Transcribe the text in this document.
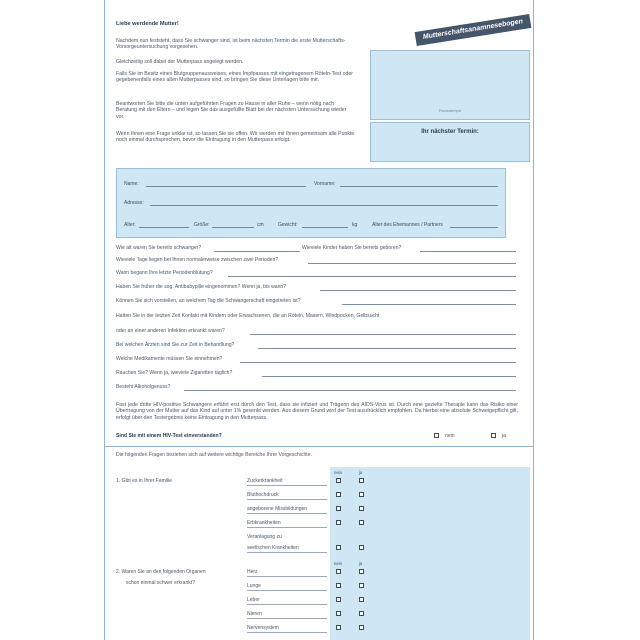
Liebe werdende Mutter!	Mutterschaftsanamnesebogen
Nachdem nun feststeht, dass Sie schwanger sind, ist beim nächsten Termin die erste Mutterschafts-Vorsorgeuntersuchung vorgesehen.
Gleichzeitig soll dabei der Mutterpass angelegt werden.
Falls Sie im Besitz eines Blutgruppenausweises, eines Impfpasses mit eingetragenem Röteln-Test oder gegebenenfalls eines alten Mutterpasses sind, so bringen Sie diese Unterlagen bitte mit.
Beantworten Sie bitte die unten aufgeführten Fragen zu Hause in aller Ruhe – wenn nötig nach Beratung mit den Eltern – und legen Sie das ausgefüllte Blatt bei der nächsten Untersuchung wieder vor.
Wenn Ihnen eine Frage unklar ist, so lassen Sie sie offen. Wir werden mit Ihnen gemeinsam alle Punkte noch einmal durchsprechen, bevor die Eintragung in den Mutterpass erfolgt.
Praxisstempel
Ihr nächster Termin:
Name:	Vorname:
Adresse:
Alter:	Größe:	cm	Gewicht:	kg	Alter des Ehemannes / Partners
Wie alt waren Sie bereits schwanger?	Wieviele Kinder haben Sie bereits geboren?
Wieviele Tage liegen bei Ihnen normalerweise zwischen zwei Perioden?
Wann begann Ihre letzte Periodenblutung?
Haben Sie früher die sog. Antibabypille eingenommen? Wenn ja, bis wann?
Können Sie sich vorstellen, an welchem Tag die Schwangerschaft eingetreten ist?
Hatten Sie in der letzten Zeit Kontakt mit Kindern oder Erwachsenen, die an Röteln, Masern, Windpocken, Gelbsucht
oder an einer anderen Infektion erkrankt waren?
Bei welchen Ärzten sind Sie zur Zeit in Behandlung?
Welche Medikamente müssen Sie einnehmen?
Rauchen Sie? Wenn ja, wieviele Zigaretten täglich?
Besteht Alkoholgenuss?
Fast jede dritte HIV-positive Schwangere erfährt erst durch den Test, dass sie infiziert und Trägerin des AIDS-Virus ist. Durch eine gezielte Therapie kann das Risiko einer Übertragung von der Mutter auf das Kind auf unter 1% gesenkt werden. Aus diesem Grund wird der Test ausdrücklich empfohlen. Da hierbei eine absolute Schweigepflicht gilt, erfolgt über den Testergebnis keine Eintragung in den Mutterpass.
Sind Sie mit einem HIV-Test einverstanden?	nein	ja
Die folgenden Fragen beziehen sich auf weitere wichtige Bereiche Ihrer Vorgeschichte.
nein	ja
1. Gibt es in Ihrer Familie	Zuckerkrankheit
Bluthochdruck
angeborene Missbildungen
Erbkrankheiten
Veranlagung zu
seelischen Krankheiten
nein	ja
2. Waren Sie an den folgenden Organen
schon einmal schwer erkrankt?
Herz
Lunge
Leber
Nieren
Nervensystem
